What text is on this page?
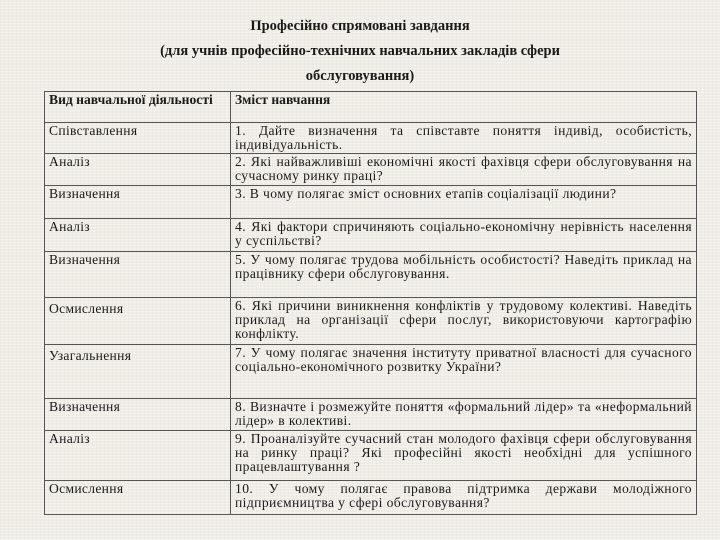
Професійно спрямовані завдання
(для учнів професійно-технічних навчальних закладів сфери
обслуговування)
Вид навчальної діяльності	Зміст навчання
Співставлення	1. Дайте визначення та співставте поняття індивід, особистість, індивідуальність.
Аналіз	2. Які найважливіші економічні якості фахівця сфери обслуговування на сучасному ринку праці?
Визначення	3. В чому полягає зміст основних етапів соціалізації людини?
Аналіз	4. Які фактори спричиняють соціально-економічну нерівність населення у суспільстві?
Визначення	5. У чому полягає трудова мобільність особистості? Наведіть приклад на працівнику сфери обслуговування.
Осмислення	6. Які причини виникнення конфліктів у трудовому колективі. Наведіть приклад на організації сфери послуг, використовуючи картографію конфлікту.
Узагальнення	7. У чому полягає значення інституту приватної власності для сучасного соціально-економічного розвитку України?
Визначення	8. Визначте і розмежуйте поняття «формальний лідер» та «неформальний лідер» в колективі.
Аналіз	9. Проаналізуйте сучасний стан молодого фахівця сфери обслуговування на ринку праці? Які професійні якості необхідні для успішного працевлаштування ?
Осмислення	10. У чому полягає правова підтримка держави молодіжного підприємництва у сфері обслуговування?
